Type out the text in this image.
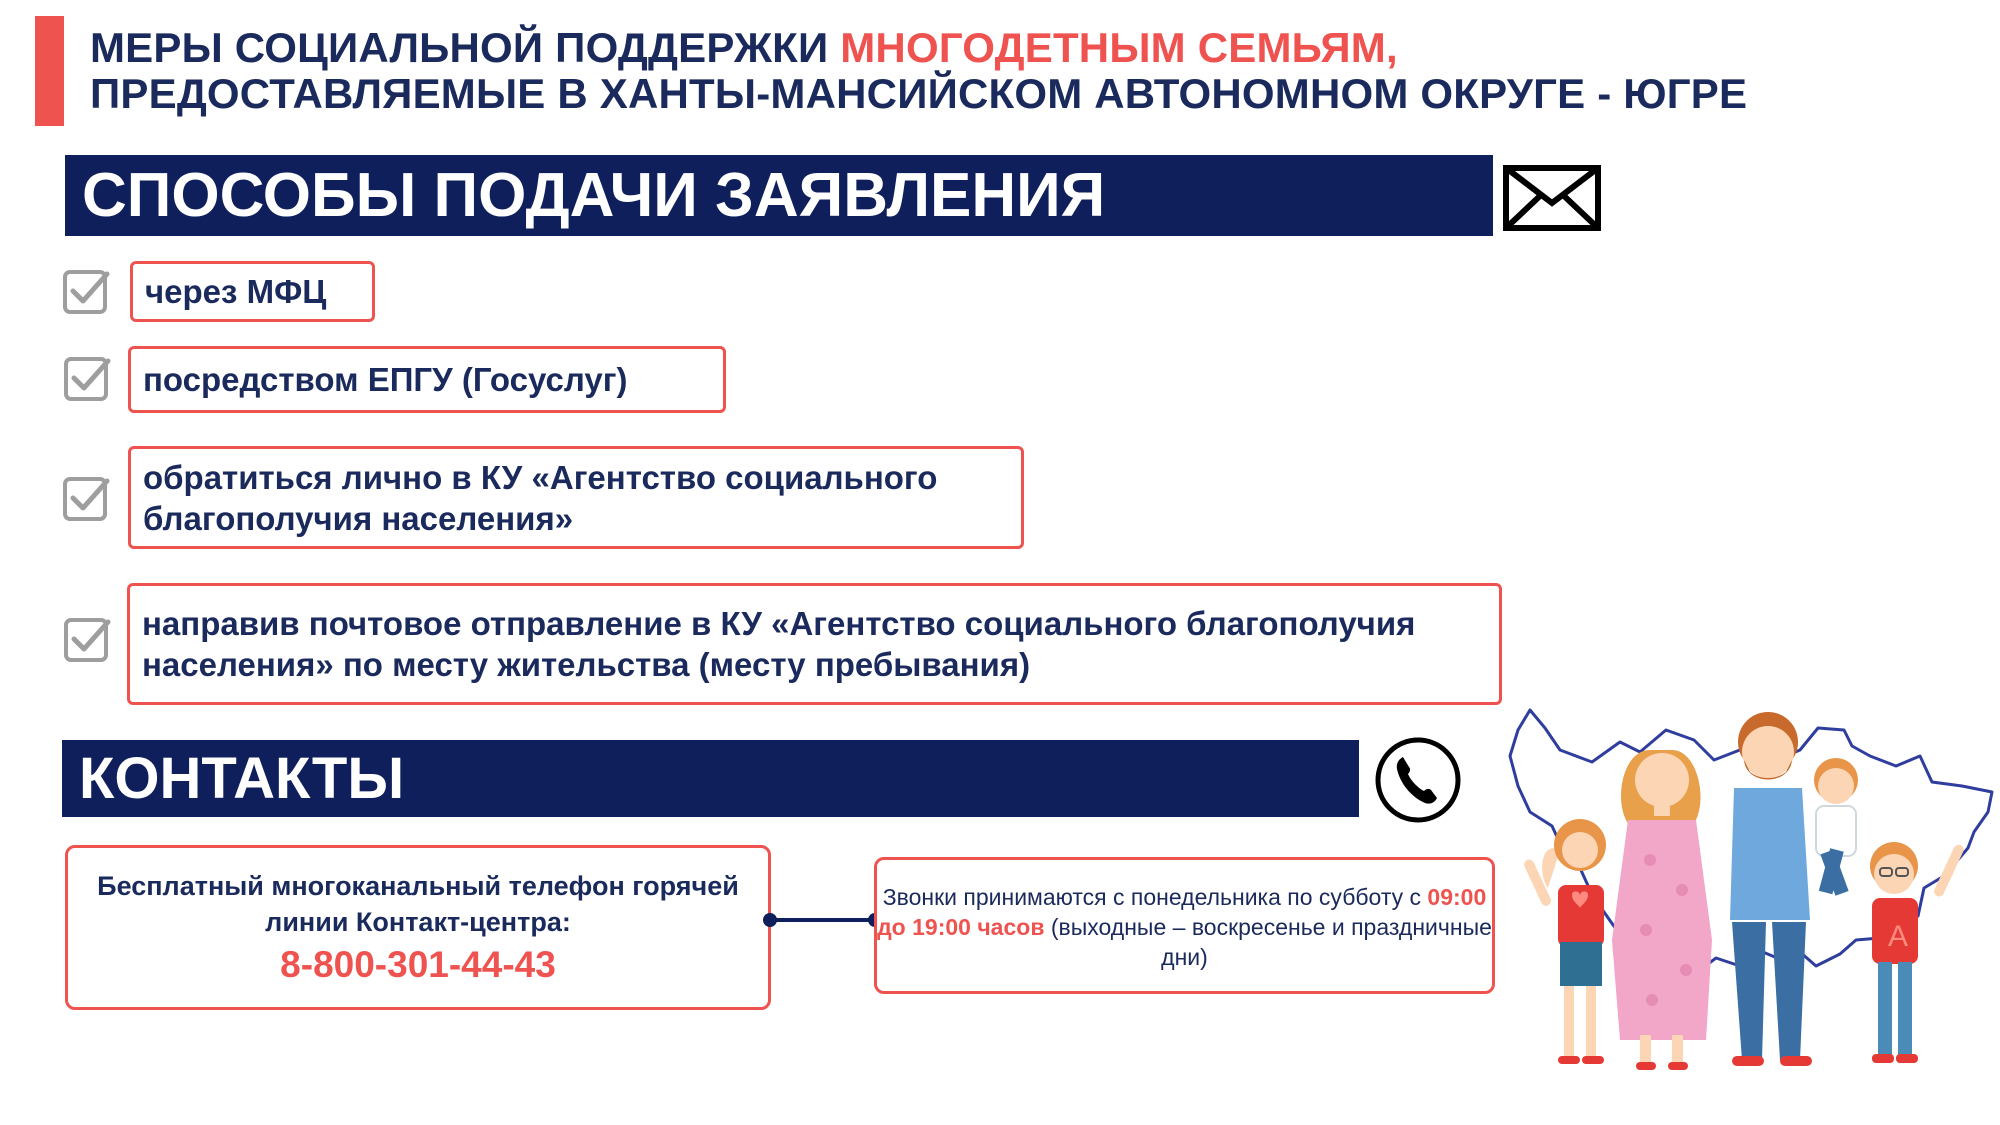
МЕРЫ СОЦИАЛЬНОЙ ПОДДЕРЖКИ МНОГОДЕТНЫМ СЕМЬЯМ,
ПРЕДОСТАВЛЯЕМЫЕ В ХАНТЫ-МАНСИЙСКОМ АВТОНОМНОМ ОКРУГЕ - ЮГРЕ
СПОСОБЫ ПОДАЧИ ЗАЯВЛЕНИЯ
через МФЦ
посредством ЕПГУ (Госуслуг)
обратиться лично в КУ «Агентство социального благополучия населения»
направив почтовое отправление в КУ «Агентство социального благополучия населения» по месту жительства (месту пребывания)
КОНТАКТЫ
Бесплатный многоканальный телефон горячей линии Контакт-центра:
8-800-301-44-43
Звонки принимаются с понедельника по субботу с 09:00 до 19:00 часов (выходные – воскресенье и праздничные дни)
A
